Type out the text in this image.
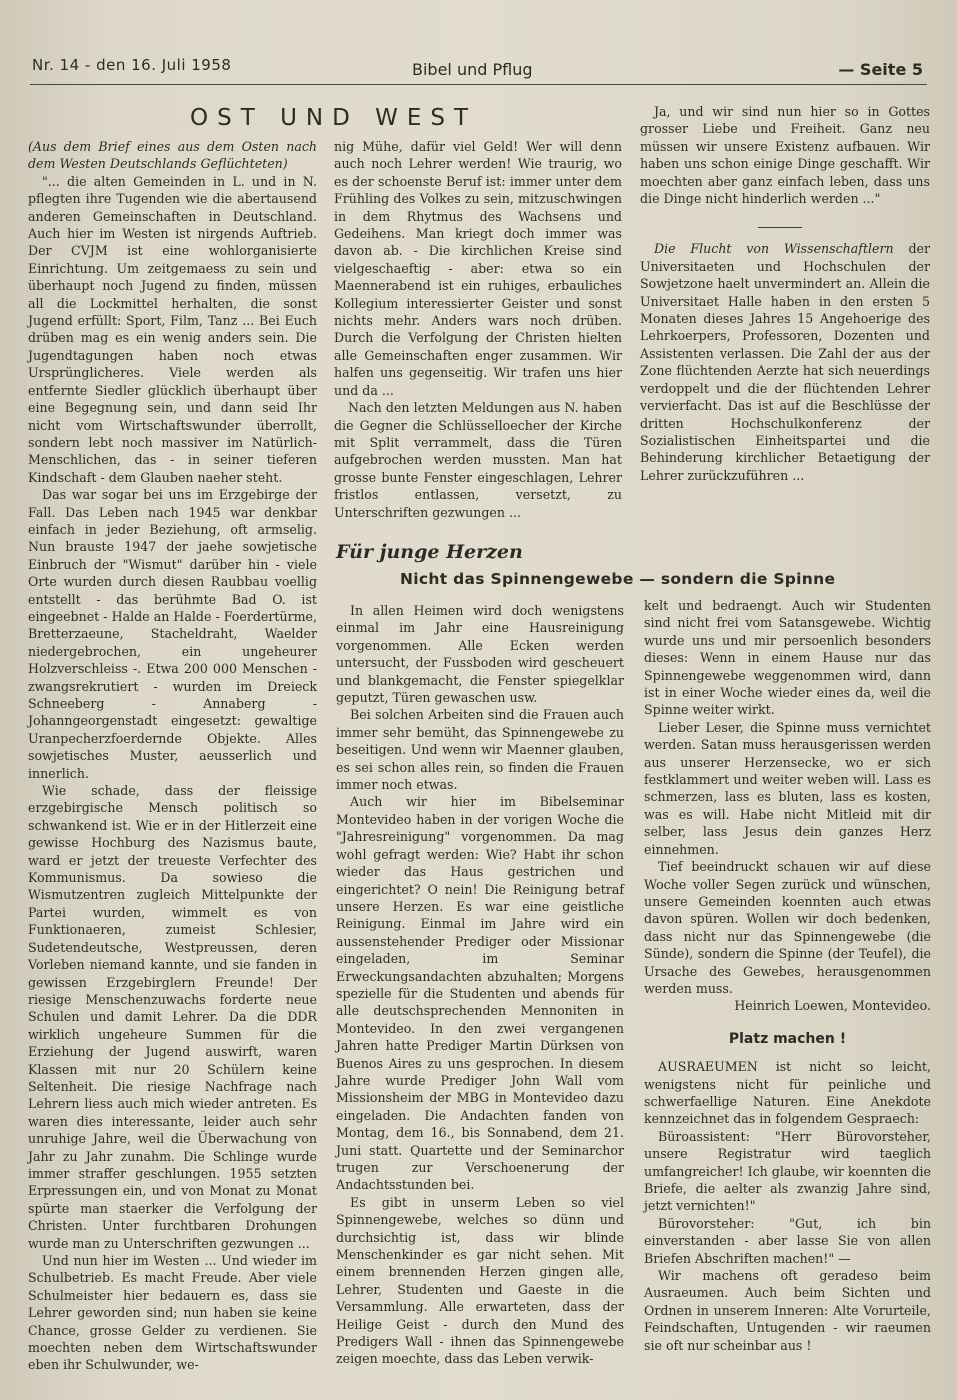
Nr. 14 - den 16. Juli 1958	Bibel und Pflug	— Seite 5
OST UND WEST

(Aus dem Brief eines aus dem Osten nach dem Westen Deutschlands Geflüchteten)

"... die alten Gemeinden in L. und in N. pflegten ihre Tugenden wie die abertausend anderen Gemeinschaften in Deutschland. Auch hier im Westen ist nirgends Auftrieb. Der CVJM ist eine wohlorganisierte Einrichtung. Um zeitgemaess zu sein und überhaupt noch Jugend zu finden, müssen all die Lockmittel herhalten, die sonst Jugend erfüllt: Sport, Film, Tanz ... Bei Euch drüben mag es ein wenig anders sein. Die Jugendtagungen haben noch etwas Ursprünglicheres. Viele werden als entfernte Siedler glücklich überhaupt über eine Begegnung sein, und dann seid Ihr nicht vom Wirtschaftswunder überrollt, sondern lebt noch massiver im Natürlich-Menschlichen, das - in seiner tieferen Kindschaft - dem Glauben naeher steht.

Das war sogar bei uns im Erzgebirge der Fall. Das Leben nach 1945 war denkbar einfach in jeder Beziehung, oft armselig. Nun brauste 1947 der jaehe sowjetische Einbruch der "Wismut" darüber hin - viele Orte wurden durch diesen Raubbau voellig entstellt - das berühmte Bad O. ist eingeebnet - Halde an Halde - Foerdertürme, Bretterzaeune, Stacheldraht, Waelder niedergebrochen, ein ungeheurer Holzverschleiss -. Etwa 200 000 Menschen - zwangsrekrutiert - wurden im Dreieck Schneeberg - Annaberg - Johanngeorgenstadt eingesetzt: gewaltige Uranpecherzfoerdernde Objekte. Alles sowjetisches Muster, aeusserlich und innerlich.

Wie schade, dass der fleissige erzgebirgische Mensch politisch so schwankend ist. Wie er in der Hitlerzeit eine gewisse Hochburg des Nazismus baute, ward er jetzt der treueste Verfechter des Kommunismus. Da sowieso die Wismutzentren zugleich Mittelpunkte der Partei wurden, wimmelt es von Funktionaeren, zumeist Schlesier, Sudetendeutsche, Westpreussen, deren Vorleben niemand kannte, und sie fanden in gewissen Erzgebirglern Freunde! Der riesige Menschenzuwachs forderte neue Schulen und damit Lehrer. Da die DDR wirklich ungeheure Summen für die Erziehung der Jugend auswirft, waren Klassen mit nur 20 Schülern keine Seltenheit. Die riesige Nachfrage nach Lehrern liess auch mich wieder antreten. Es waren dies interessante, leider auch sehr unruhige Jahre, weil die Überwachung von Jahr zu Jahr zunahm. Die Schlinge wurde immer straffer geschlungen. 1955 setzten Erpressungen ein, und von Monat zu Monat spürte man staerker die Verfolgung der Christen. Unter furchtbaren Drohungen wurde man zu Unterschriften gezwungen ...

Und nun hier im Westen ... Und wieder im Schulbetrieb. Es macht Freude. Aber viele Schulmeister hier bedauern es, dass sie Lehrer geworden sind; nun haben sie keine Chance, grosse Gelder zu verdienen. Sie moechten neben dem Wirtschaftswunder eben ihr Schulwunder, we-

nig Mühe, dafür viel Geld! Wer will denn auch noch Lehrer werden! Wie traurig, wo es der schoenste Beruf ist: immer unter dem Frühling des Volkes zu sein, mitzuschwingen in dem Rhytmus des Wachsens und Gedeihens. Man kriegt doch immer was davon ab. - Die kirchlichen Kreise sind vielgeschaeftig - aber: etwa so ein Maennerabend ist ein ruhiges, erbauliches Kollegium interessierter Geister und sonst nichts mehr. Anders wars noch drüben. Durch die Verfolgung der Christen hielten alle Gemeinschaften enger zusammen. Wir halfen uns gegenseitig. Wir trafen uns hier und da ...

Nach den letzten Meldungen aus N. haben die Gegner die Schlüsselloecher der Kirche mit Split verrammelt, dass die Türen aufgebrochen werden mussten. Man hat grosse bunte Fenster eingeschlagen, Lehrer fristlos entlassen, versetzt, zu Unterschriften gezwungen ...

Ja, und wir sind nun hier so in Gottes grosser Liebe und Freiheit. Ganz neu müssen wir unsere Existenz aufbauen. Wir haben uns schon einige Dinge geschafft. Wir moechten aber ganz einfach leben, dass uns die Dinge nicht hinderlich werden ..."

Die Flucht von Wissenschaftlern der Universitaeten und Hochschulen der Sowjetzone haelt unvermindert an. Allein die Universitaet Halle haben in den ersten 5 Monaten dieses Jahres 15 Angehoerige des Lehrkoerpers, Professoren, Dozenten und Assistenten verlassen. Die Zahl der aus der Zone flüchtenden Aerzte hat sich neuerdings verdoppelt und die der flüchtenden Lehrer vervierfacht. Das ist auf die Beschlüsse der dritten Hochschulkonferenz der Sozialistischen Einheitspartei und die Behinderung kirchlicher Betaetigung der Lehrer zurückzuführen ...

Für junge Herzen
Nicht das Spinnengewebe — sondern die Spinne

In allen Heimen wird doch wenigstens einmal im Jahr eine Hausreinigung vorgenommen. Alle Ecken werden untersucht, der Fussboden wird gescheuert und blankgemacht, die Fenster spiegelklar geputzt, Türen gewaschen usw.

Bei solchen Arbeiten sind die Frauen auch immer sehr bemüht, das Spinnengewebe zu beseitigen. Und wenn wir Maenner glauben, es sei schon alles rein, so finden die Frauen immer noch etwas.

Auch wir hier im Bibelseminar Montevideo haben in der vorigen Woche die "Jahresreinigung" vorgenommen. Da mag wohl gefragt werden: Wie? Habt ihr schon wieder das Haus gestrichen und eingerichtet? O nein! Die Reinigung betraf unsere Herzen. Es war eine geistliche Reinigung. Einmal im Jahre wird ein aussenstehender Prediger oder Missionar eingeladen, im Seminar Erweckungsandachten abzuhalten; Morgens spezielle für die Studenten und abends für alle deutschsprechenden Mennoniten in Montevideo. In den zwei vergangenen Jahren hatte Prediger Martin Dürksen von Buenos Aires zu uns gesprochen. In diesem Jahre wurde Prediger John Wall vom Missionsheim der MBG in Montevideo dazu eingeladen. Die Andachten fanden von Montag, dem 16., bis Sonnabend, dem 21. Juni statt. Quartette und der Seminarchor trugen zur Verschoenerung der Andachtsstunden bei.

Es gibt in unserm Leben so viel Spinnengewebe, welches so dünn und durchsichtig ist, dass wir blinde Menschenkinder es gar nicht sehen. Mit einem brennenden Herzen gingen alle, Lehrer, Studenten und Gaeste in die Versammlung. Alle erwarteten, dass der Heilige Geist - durch den Mund des Predigers Wall - ihnen das Spinnengewebe zeigen moechte, dass das Leben verwik-

kelt und bedraengt. Auch wir Studenten sind nicht frei vom Satansgewebe. Wichtig wurde uns und mir persoenlich besonders dieses: Wenn in einem Hause nur das Spinnengewebe weggenommen wird, dann ist in einer Woche wieder eines da, weil die Spinne weiter wirkt.

Lieber Leser, die Spinne muss vernichtet werden. Satan muss herausgerissen werden aus unserer Herzensecke, wo er sich festklammert und weiter weben will. Lass es schmerzen, lass es bluten, lass es kosten, was es will. Habe nicht Mitleid mit dir selber, lass Jesus dein ganzes Herz einnehmen.

Tief beeindruckt schauen wir auf diese Woche voller Segen zurück und wünschen, unsere Gemeinden koennten auch etwas davon spüren. Wollen wir doch bedenken, dass nicht nur das Spinnengewebe (die Sünde), sondern die Spinne (der Teufel), die Ursache des Gewebes, herausgenommen werden muss.

Heinrich Loewen, Montevideo.

Platz machen !

AUSRAEUMEN ist nicht so leicht, wenigstens nicht für peinliche und schwerfaellige Naturen. Eine Anekdote kennzeichnet das in folgendem Gespraech:

Büroassistent: "Herr Bürovorsteher, unsere Registratur wird taeglich umfangreicher! Ich glaube, wir koennten die Briefe, die aelter als zwanzig Jahre sind, jetzt vernichten!"

Bürovorsteher: "Gut, ich bin einverstanden - aber lasse Sie von allen Briefen Abschriften machen!" —

Wir machens oft geradeso beim Ausraeumen. Auch beim Sichten und Ordnen in unserem Inneren: Alte Vorurteile, Feindschaften, Untugenden - wir raeumen sie oft nur scheinbar aus !
